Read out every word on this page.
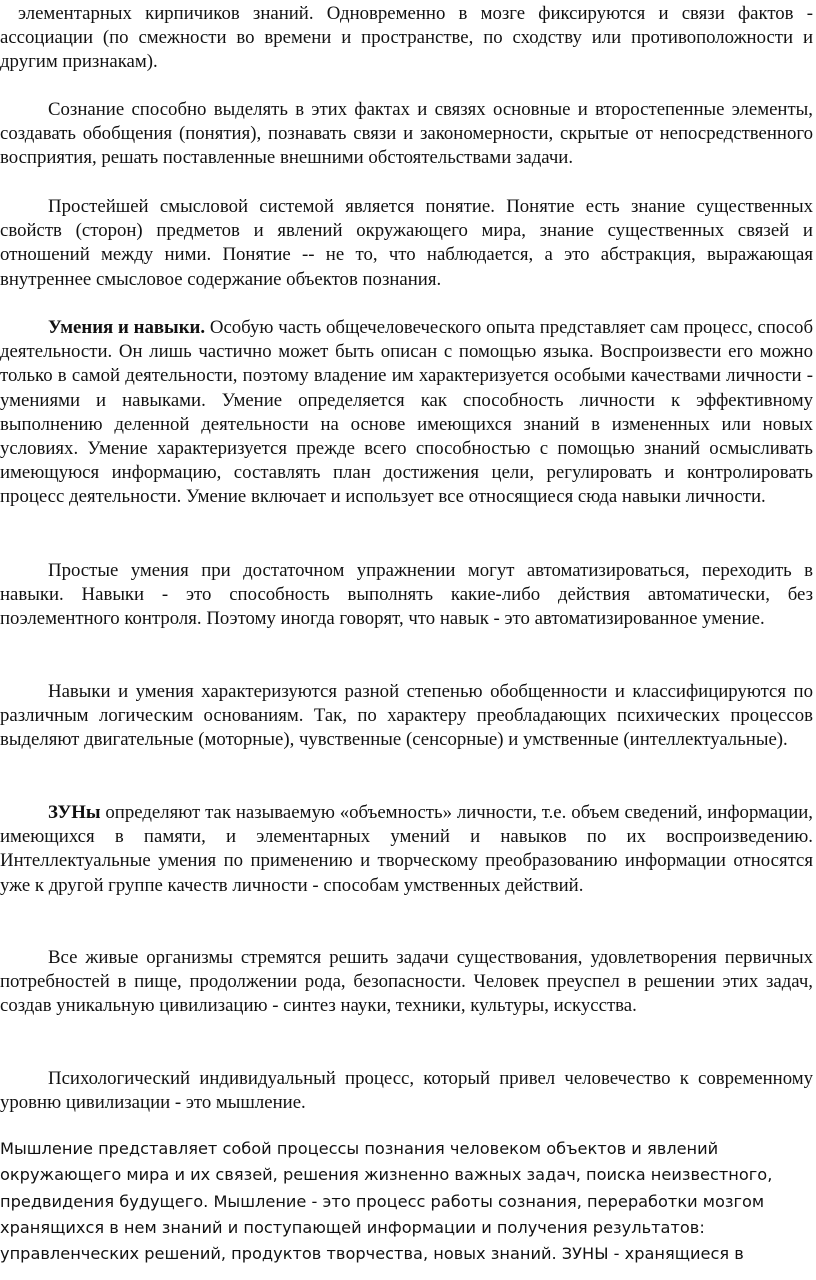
элементарных кирпичиков знаний. Одновременно в мозге фиксируются и связи фактов - ассоциации (по смежности во времени и пространстве, по сходству или противоположности и другим признакам).

Сознание способно выделять в этих фактах и связях основные и второстепенные элементы, создавать обобщения (понятия), познавать связи и закономерности, скрытые от непосредственного восприятия, решать поставленные внешними обстоятельствами задачи.

Простейшей смысловой системой является понятие. Понятие есть знание существенных свойств (сторон) предметов и явлений окружающего мира, знание существенных связей и отношений между ними. Понятие -- не то, что наблюдается, а это абстракция, выражающая внутреннее смысловое содержание объектов познания.

Умения и навыки. Особую часть общечеловеческого опыта представляет сам процесс, способ деятельности. Он лишь частично может быть описан с помощью языка. Воспроизвести его можно только в самой деятельности, поэтому владение им характеризуется особыми качествами личности - умениями и навыками. Умение определяется как способность личности к эффективному выполнению деленной деятельности на основе имеющихся знаний в измененных или новых условиях. Умение характеризуется прежде всего способностью с помощью знаний осмысливать имеющуюся информацию, составлять план достижения цели, регулировать и контролировать процесс деятельности. Умение включает и использует все относящиеся сюда навыки личности.

Простые умения при достаточном упражнении могут автоматизироваться, переходить в навыки. Навыки - это способность выполнять какие-либо действия автоматически, без поэлементного контроля. Поэтому иногда говорят, что навык - это автоматизированное умение.

Навыки и умения характеризуются разной степенью обобщенности и классифицируются по различным логическим основаниям. Так, по характеру преобладающих психических процессов выделяют двигательные (моторные), чувственные (сенсорные) и умственные (интеллектуальные).

ЗУНы определяют так называемую «объемность» личности, т.е. объем сведений, информации, имеющихся в памяти, и элементарных умений и навыков по их воспроизведению. Интеллектуальные умения по применению и творческому преобразованию информации относятся уже к другой группе качеств личности - способам умственных действий.

Все живые организмы стремятся решить задачи существования, удовлетворения первичных потребностей в пище, продолжении рода, безопасности. Человек преуспел в решении этих задач, создав уникальную цивилизацию - синтез науки, техники, культуры, искусства.

Психологический индивидуальный процесс, который привел человечество к современному уровню цивилизации - это мышление.

Мышление представляет собой процессы познания человеком объектов и явлений окружающего мира и их связей, решения жизненно важных задач, поиска неизвестного, предвидения будущего. Мышление - это процесс работы сознания, переработки мозгом хранящихся в нем знаний и поступающей информации и получения результатов: управленческих решений, продуктов творчества, новых знаний. ЗУНЫ - хранящиеся в
